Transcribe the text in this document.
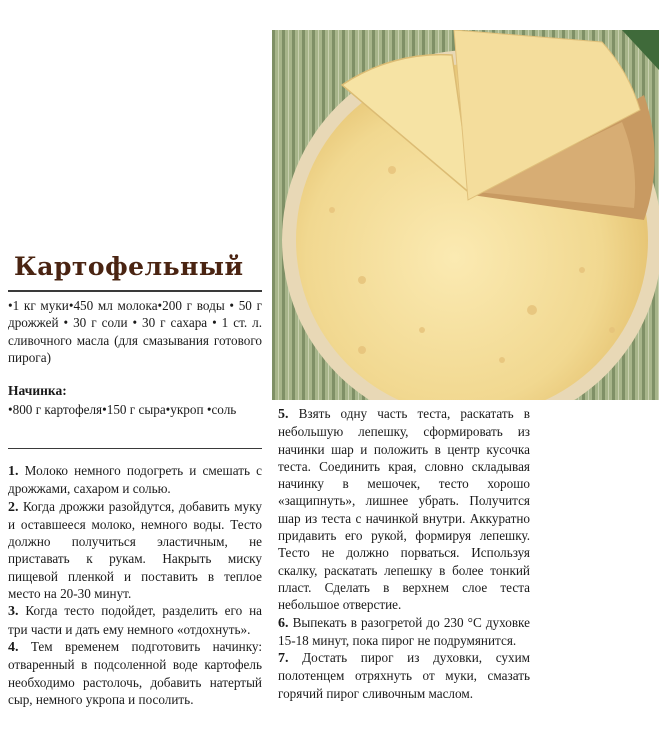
Картофельный

•1 кг муки•450 мл молока•200 г воды • 50 г дрожжей • 30 г соли • 30 г сахара • 1 ст. л. сливочного масла (для смазывания готового пирога)

Начинка:

•800 г картофеля•150 г сыра•укроп •соль

1. Молоко немного подогреть и смешать с дрожжами, сахаром и солью.

2. Когда дрожжи разойдутся, добавить муку и оставшееся молоко, немного воды. Тесто должно получиться эластичным, не приставать к рукам. Накрыть миску пищевой пленкой и поставить в теплое место на 20-30 минут.

3. Когда тесто подойдет, разделить его на три части и дать ему немного «отдохнуть».

4. Тем временем подготовить начинку: отваренный в подсоленной воде картофель необходимо растолочь, добавить натертый сыр, немного укропа и посолить.

5. Взять одну часть теста, раскатать в небольшую лепешку, сформировать из начинки шар и положить в центр кусочка теста. Соединить края, словно складывая начинку в мешочек, тесто хорошо «защипнуть», лишнее убрать. Получится шар из теста с начинкой внутри. Аккуратно придавить его рукой, формируя лепешку. Тесто не должно порваться. Используя скалку, раскатать лепешку в более тонкий пласт. Сделать в верхнем слое теста небольшое отверстие.

6. Выпекать в разогретой до 230 °С духовке 15-18 минут, пока пирог не подрумянится.

7. Достать пирог из духовки, сухим полотенцем отряхнуть от муки, смазать горячий пирог сливочным маслом.
